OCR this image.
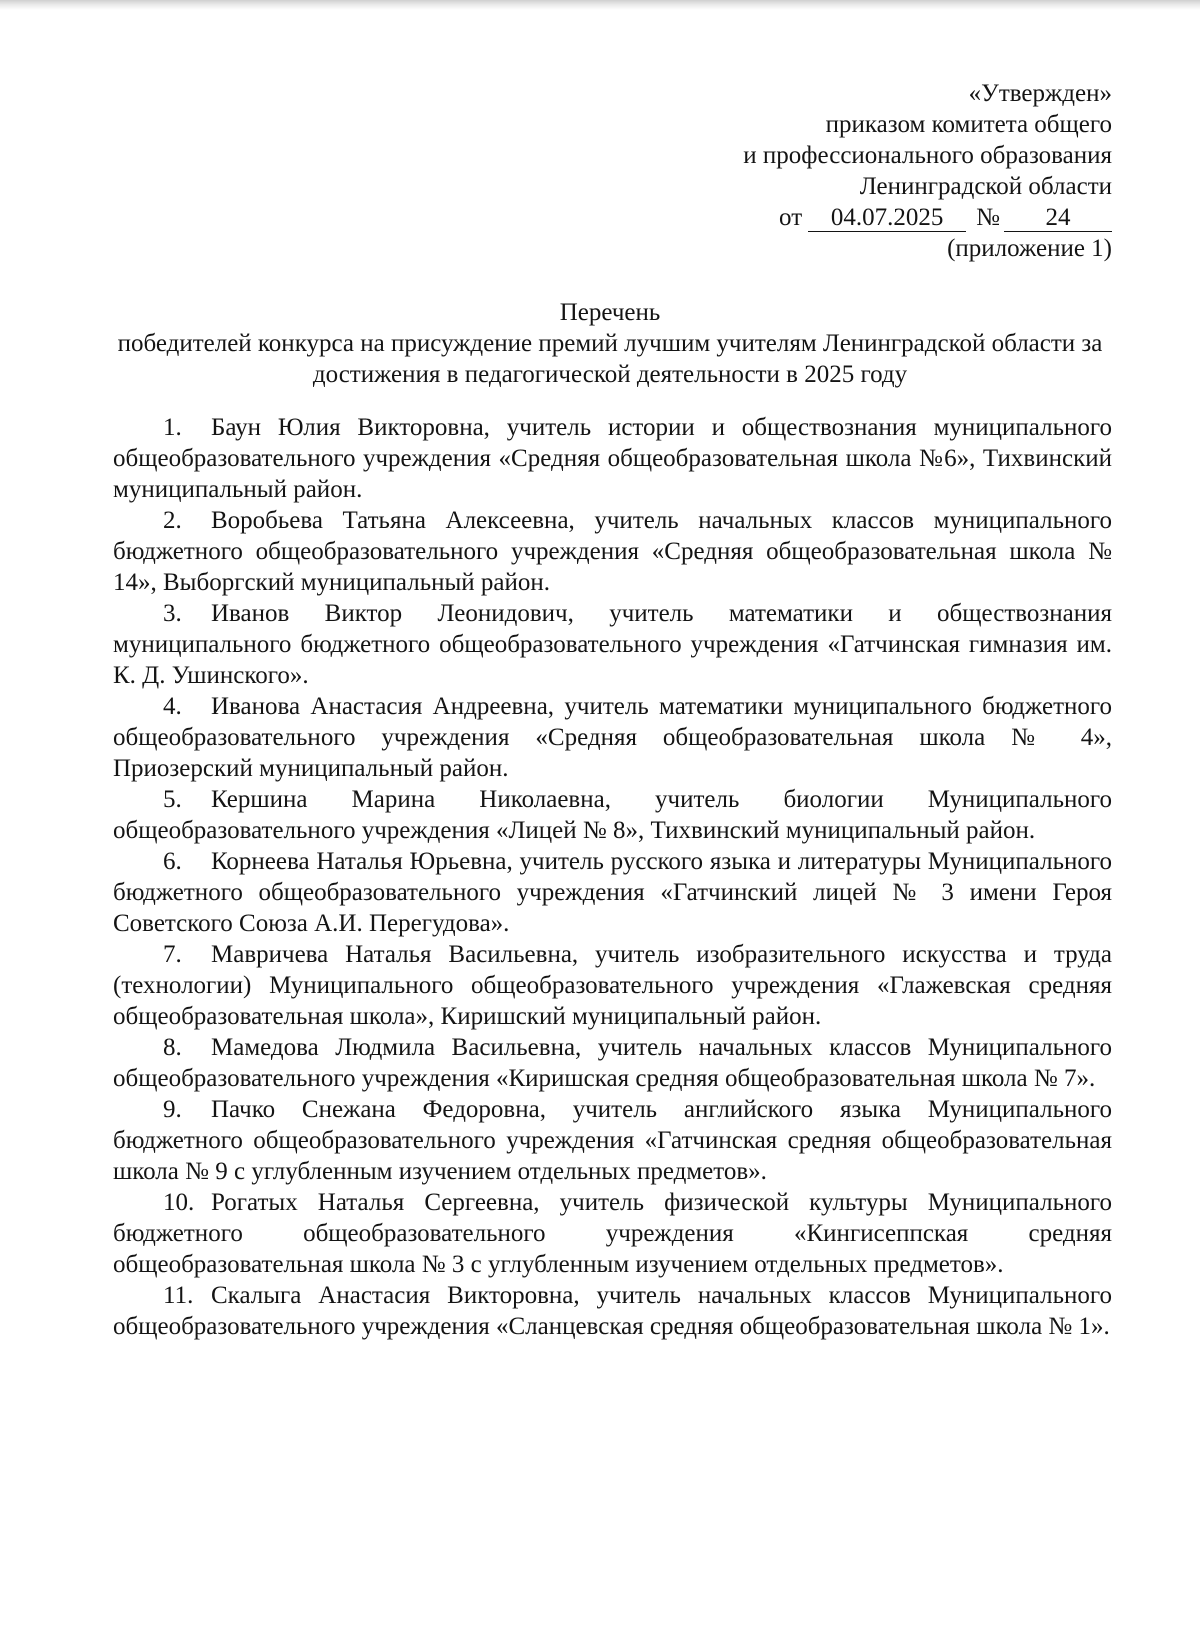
«Утвержден»
приказом комитета общего
и профессионального образования
Ленинградской области
от	04.07.2025	№	24
(приложение 1)
Перечень
победителей конкурса на присуждение премий лучшим учителям Ленинградской области за достижения в педагогической деятельности в 2025 году

1. Баун Юлия Викторовна, учитель истории и обществознания муниципального общеобразовательного учреждения «Средняя общеобразовательная школа №6», Тихвинский муниципальный район.

2. Воробьева Татьяна Алексеевна, учитель начальных классов муниципального бюджетного общеобразовательного учреждения «Средняя общеобразовательная школа № 14», Выборгский муниципальный район.

3. Иванов Виктор Леонидович, учитель математики и обществознания муниципального бюджетного общеобразовательного учреждения «Гатчинская гимназия им. К. Д. Ушинского».

4. Иванова Анастасия Андреевна, учитель математики муниципального бюджетного общеобразовательного учреждения «Средняя общеобразовательная школа № 4», Приозерский муниципальный район.

5. Кершина Марина Николаевна, учитель биологии Муниципального общеобразовательного учреждения «Лицей № 8», Тихвинский муниципальный район.

6. Корнеева Наталья Юрьевна, учитель русского языка и литературы Муниципального бюджетного общеобразовательного учреждения «Гатчинский лицей № 3 имени Героя Советского Союза А.И. Перегудова».

7. Мавричева Наталья Васильевна, учитель изобразительного искусства и труда (технологии) Муниципального общеобразовательного учреждения «Глажевская средняя общеобразовательная школа», Киришский муниципальный район.

8. Мамедова Людмила Васильевна, учитель начальных классов Муниципального общеобразовательного учреждения «Киришская средняя общеобразовательная школа № 7».

9. Пачко Снежана Федоровна, учитель английского языка Муниципального бюджетного общеобразовательного учреждения «Гатчинская средняя общеобразовательная школа № 9 с углубленным изучением отдельных предметов».

10. Рогатых Наталья Сергеевна, учитель физической культуры Муниципального бюджетного общеобразовательного учреждения «Кингисеппская средняя общеобразовательная школа № 3 с углубленным изучением отдельных предметов».

11. Скалыга Анастасия Викторовна, учитель начальных классов Муниципального общеобразовательного учреждения «Сланцевская средняя общеобразовательная школа № 1».
